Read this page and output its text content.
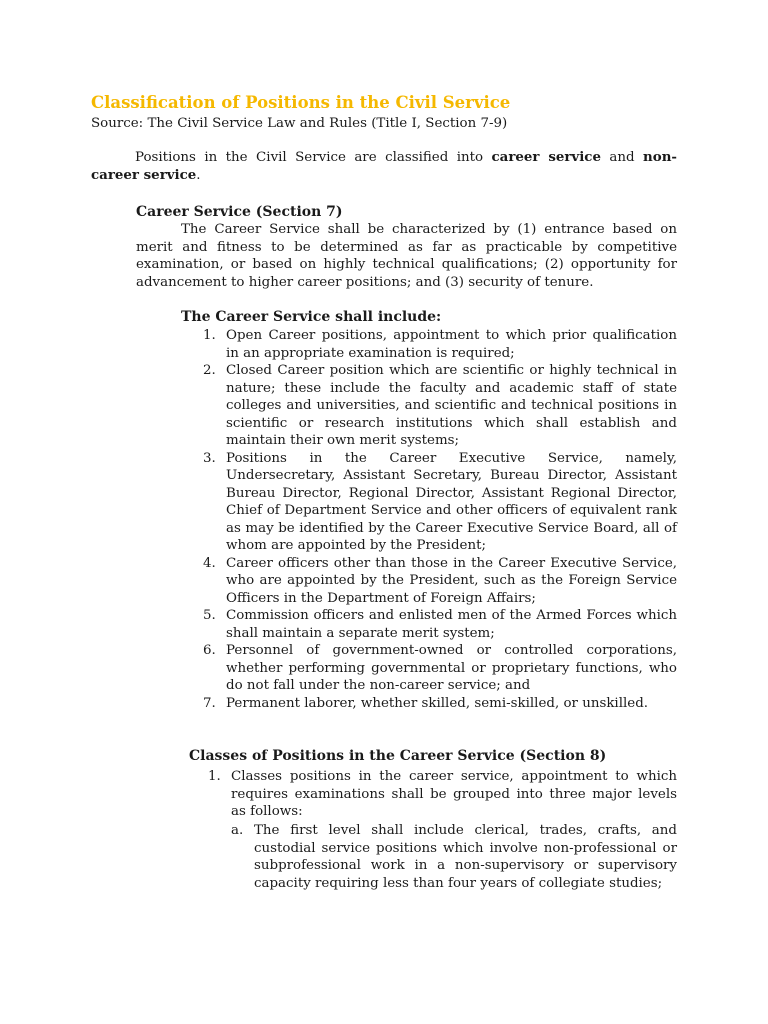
Classification of Positions in the Civil Service
Source: The Civil Service Law and Rules (Title I, Section 7-9)
Positions in the Civil Service are classified into career service and non-career service.
Career Service (Section 7)
The Career Service shall be characterized by (1) entrance based on merit and fitness to be determined as far as practicable by competitive examination, or based on highly technical qualifications; (2) opportunity for advancement to higher career positions; and (3) security of tenure.
The Career Service shall include:
1. Open Career positions, appointment to which prior qualification in an appropriate examination is required;
2. Closed Career position which are scientific or highly technical in nature; these include the faculty and academic staff of state colleges and universities, and scientific and technical positions in scientific or research institutions which shall establish and maintain their own merit systems;
3. Positions in the Career Executive Service, namely, Undersecretary, Assistant Secretary, Bureau Director, Assistant Bureau Director, Regional Director, Assistant Regional Director, Chief of Department Service and other officers of equivalent rank as may be identified by the Career Executive Service Board, all of whom are appointed by the President;
4. Career officers other than those in the Career Executive Service, who are appointed by the President, such as the Foreign Service Officers in the Department of Foreign Affairs;
5. Commission officers and enlisted men of the Armed Forces which shall maintain a separate merit system;
6. Personnel of government-owned or controlled corporations, whether performing governmental or proprietary functions, who do not fall under the non-career service; and
7. Permanent laborer, whether skilled, semi-skilled, or unskilled.
Classes of Positions in the Career Service (Section 8)
1. Classes positions in the career service, appointment to which requires examinations shall be grouped into three major levels as follows:
a. The first level shall include clerical, trades, crafts, and custodial service positions which involve non-professional or subprofessional work in a non-supervisory or supervisory capacity requiring less than four years of collegiate studies;
